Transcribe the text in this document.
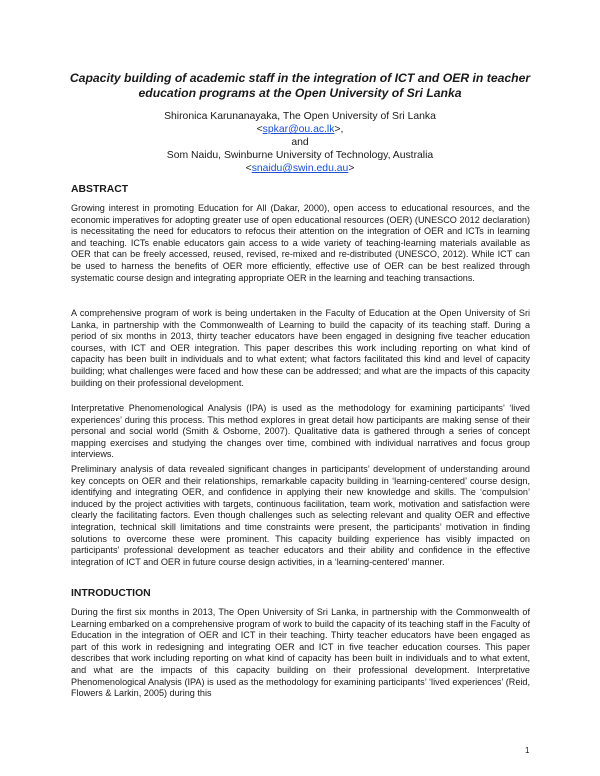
Capacity building of academic staff in the integration of ICT and OER in teacher education programs at the Open University of Sri Lanka
Shironica Karunanayaka, The Open University of Sri Lanka
<spkar@ou.ac.lk>,
and
Som Naidu, Swinburne University of Technology, Australia
<snaidu@swin.edu.au>
ABSTRACT

Growing interest in promoting Education for All (Dakar, 2000), open access to educational resources, and the economic imperatives for adopting greater use of open educational resources (OER) (UNESCO 2012 declaration) is necessitating the need for educators to refocus their attention on the integration of OER and ICTs in learning and teaching. ICTs enable educators gain access to a wide variety of teaching-learning materials available as OER that can be freely accessed, reused, revised, re-mixed and re-distributed (UNESCO, 2012). While ICT can be used to harness the benefits of OER more efficiently, effective use of OER can be best realized through systematic course design and integrating appropriate OER in the learning and teaching transactions.

A comprehensive program of work is being undertaken in the Faculty of Education at the Open University of Sri Lanka, in partnership with the Commonwealth of Learning to build the capacity of its teaching staff. During a period of six months in 2013, thirty teacher educators have been engaged in designing five teacher education courses, with ICT and OER integration. This paper describes this work including reporting on what kind of capacity has been built in individuals and to what extent; what factors facilitated this kind and level of capacity building; what challenges were faced and how these can be addressed; and what are the impacts of this capacity building on their professional development.

Interpretative Phenomenological Analysis (IPA) is used as the methodology for examining participants’ ‘lived experiences’ during this process. This method explores in great detail how participants are making sense of their personal and social world (Smith & Osborne, 2007). Qualitative data is gathered through a series of concept mapping exercises and studying the changes over time, combined with individual narratives and focus group interviews.

Preliminary analysis of data revealed significant changes in participants’ development of understanding around key concepts on OER and their relationships, remarkable capacity building in ‘learning-centered’ course design, identifying and integrating OER, and confidence in applying their new knowledge and skills. The ‘compulsion’ induced by the project activities with targets, continuous facilitation, team work, motivation and satisfaction were clearly the facilitating factors. Even though challenges such as selecting relevant and quality OER and effective integration, technical skill limitations and time constraints were present, the participants’ motivation in finding solutions to overcome these were prominent. This capacity building experience has visibly impacted on participants’ professional development as teacher educators and their ability and confidence in the effective integration of ICT and OER in future course design activities, in a ‘learning-centered’ manner.

INTRODUCTION

During the first six months in 2013, The Open University of Sri Lanka, in partnership with the Commonwealth of Learning embarked on a comprehensive program of work to build the capacity of its teaching staff in the Faculty of Education in the integration of OER and ICT in their teaching. Thirty teacher educators have been engaged as part of this work in redesigning and integrating OER and ICT in five teacher education courses. This paper describes that work including reporting on what kind of capacity has been built in individuals and to what extent, and what are the impacts of this capacity building on their professional development. Interpretative Phenomenological Analysis (IPA) is used as the methodology for examining participants’ ‘lived experiences’ (Reid, Flowers & Larkin, 2005) during this

1
